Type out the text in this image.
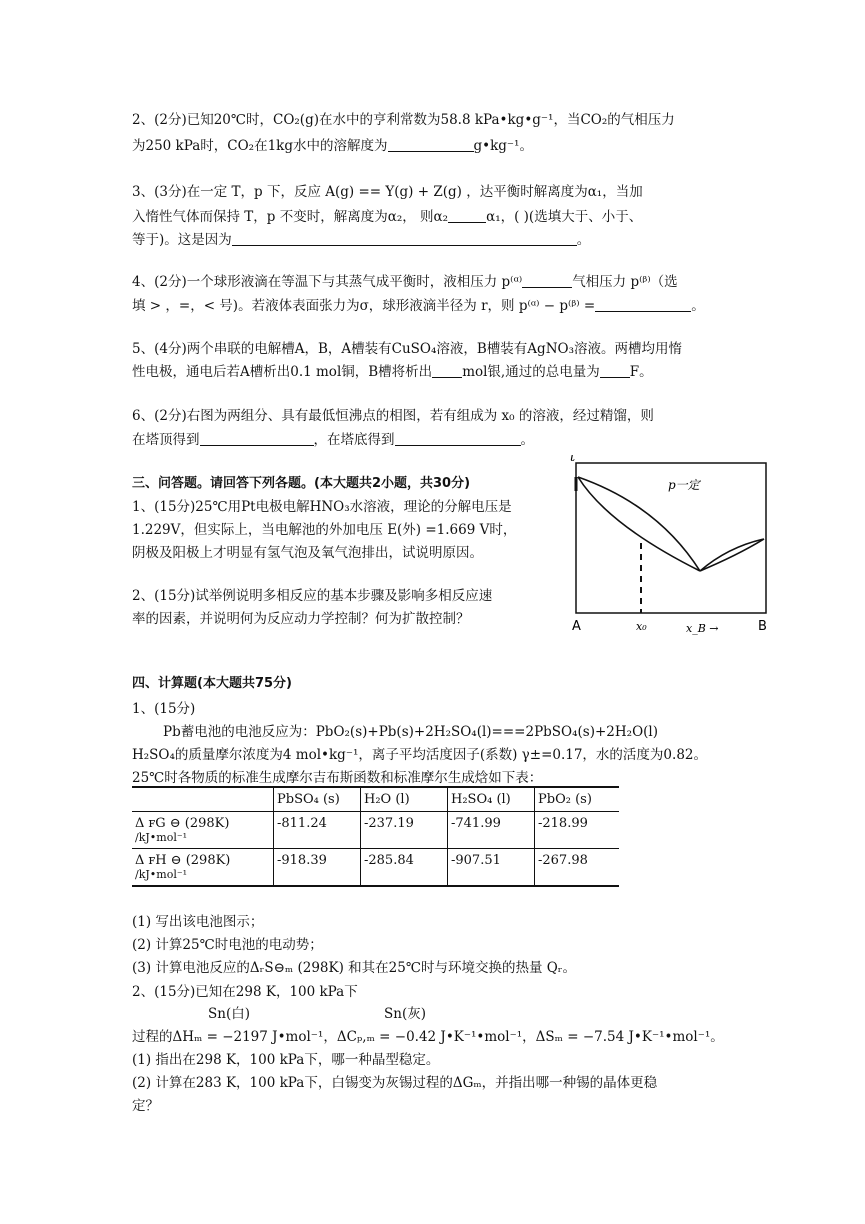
2、(2分)已知20℃时，CO₂(g)在水中的亨利常数为58.8 kPa•kg•g⁻¹，当CO₂的气相压力
为250 kPa时，CO₂在1kg水中的溶解度为	g•kg⁻¹。
3、(3分)在一定 T，p 下，反应 A(g) == Y(g) + Z(g) ，达平衡时解离度为α₁，当加
入惰性气体而保持 T，p 不变时，解离度为α₂， 则α₂	α₁，( )(选填大于、小于、
等于)。这是因为	。
4、(2分)一个球形液滴在等温下与其蒸气成平衡时，液相压力 p⁽ᵅ⁾	气相压力 p⁽ᵝ⁾（选
填 > ，=，< 号)。若液体表面张力为σ，球形液滴半径为 r，则 p⁽ᵅ⁾ − p⁽ᵝ⁾ =	。
5、(4分)两个串联的电解槽A，B，A槽装有CuSO₄溶液，B槽装有AgNO₃溶液。两槽均用惰
性电极，通电后若A槽析出0.1 mol铜，B槽将析出 mol银,通过的总电量为 F。
6、(2分)右图为两组分、具有最低恒沸点的相图，若有组成为 x₀ 的溶液，经过精馏，则
在塔顶得到	，在塔底得到	。
三、问答题。请回答下列各题。(本大题共2小题，共30分)
1、(15分)25℃用Pt电极电解HNO₃水溶液，理论的分解电压是
1.229V，但实际上，当电解池的外加电压 E(外) =1.669 V时，
阴极及阳极上才明显有氢气泡及氧气泡排出，试说明原因。
2、(15分)试举例说明多相反应的基本步骤及影响多相反应速
率的因素，并说明何为反应动力学控制？何为扩散控制？
t
p一定
A	B
x₀	x_B →
四、计算题(本大题共75分)
1、(15分)
Pb蓄电池的电池反应为：PbO₂(s)+Pb(s)+2H₂SO₄(l)===2PbSO₄(s)+2H₂O(l)
H₂SO₄的质量摩尔浓度为4 mol•kg⁻¹，离子平均活度因子(系数) γ±=0.17，水的活度为0.82。
25℃时各物质的标准生成摩尔吉布斯函数和标准摩尔生成焓如下表：
	PbSO₄ (s)	H₂O (l)	H₂SO₄ (l)	PbO₂ (s)

Δ ꜰG ⊖ (298K)
/kJ•mol⁻¹	-811.24	-237.19	-741.99	-218.99

Δ ꜰH ⊖ (298K)
/kJ•mol⁻¹	-918.39	-285.84	-907.51	-267.98
(1) 写出该电池图示；
(2) 计算25℃时电池的电动势；
(3) 计算电池反应的ΔᵣS⊖ₘ (298K) 和其在25℃时与环境交换的热量 Qᵣ。
2、(15分)已知在298 K，100 kPa下
Sn(白)	Sn(灰)
过程的ΔHₘ = −2197 J•mol⁻¹，ΔCₚ,ₘ = −0.42 J•K⁻¹•mol⁻¹，ΔSₘ = −7.54 J•K⁻¹•mol⁻¹。
(1) 指出在298 K，100 kPa下，哪一种晶型稳定。
(2) 计算在283 K，100 kPa下，白锡变为灰锡过程的ΔGₘ，并指出哪一种锡的晶体更稳
定？
